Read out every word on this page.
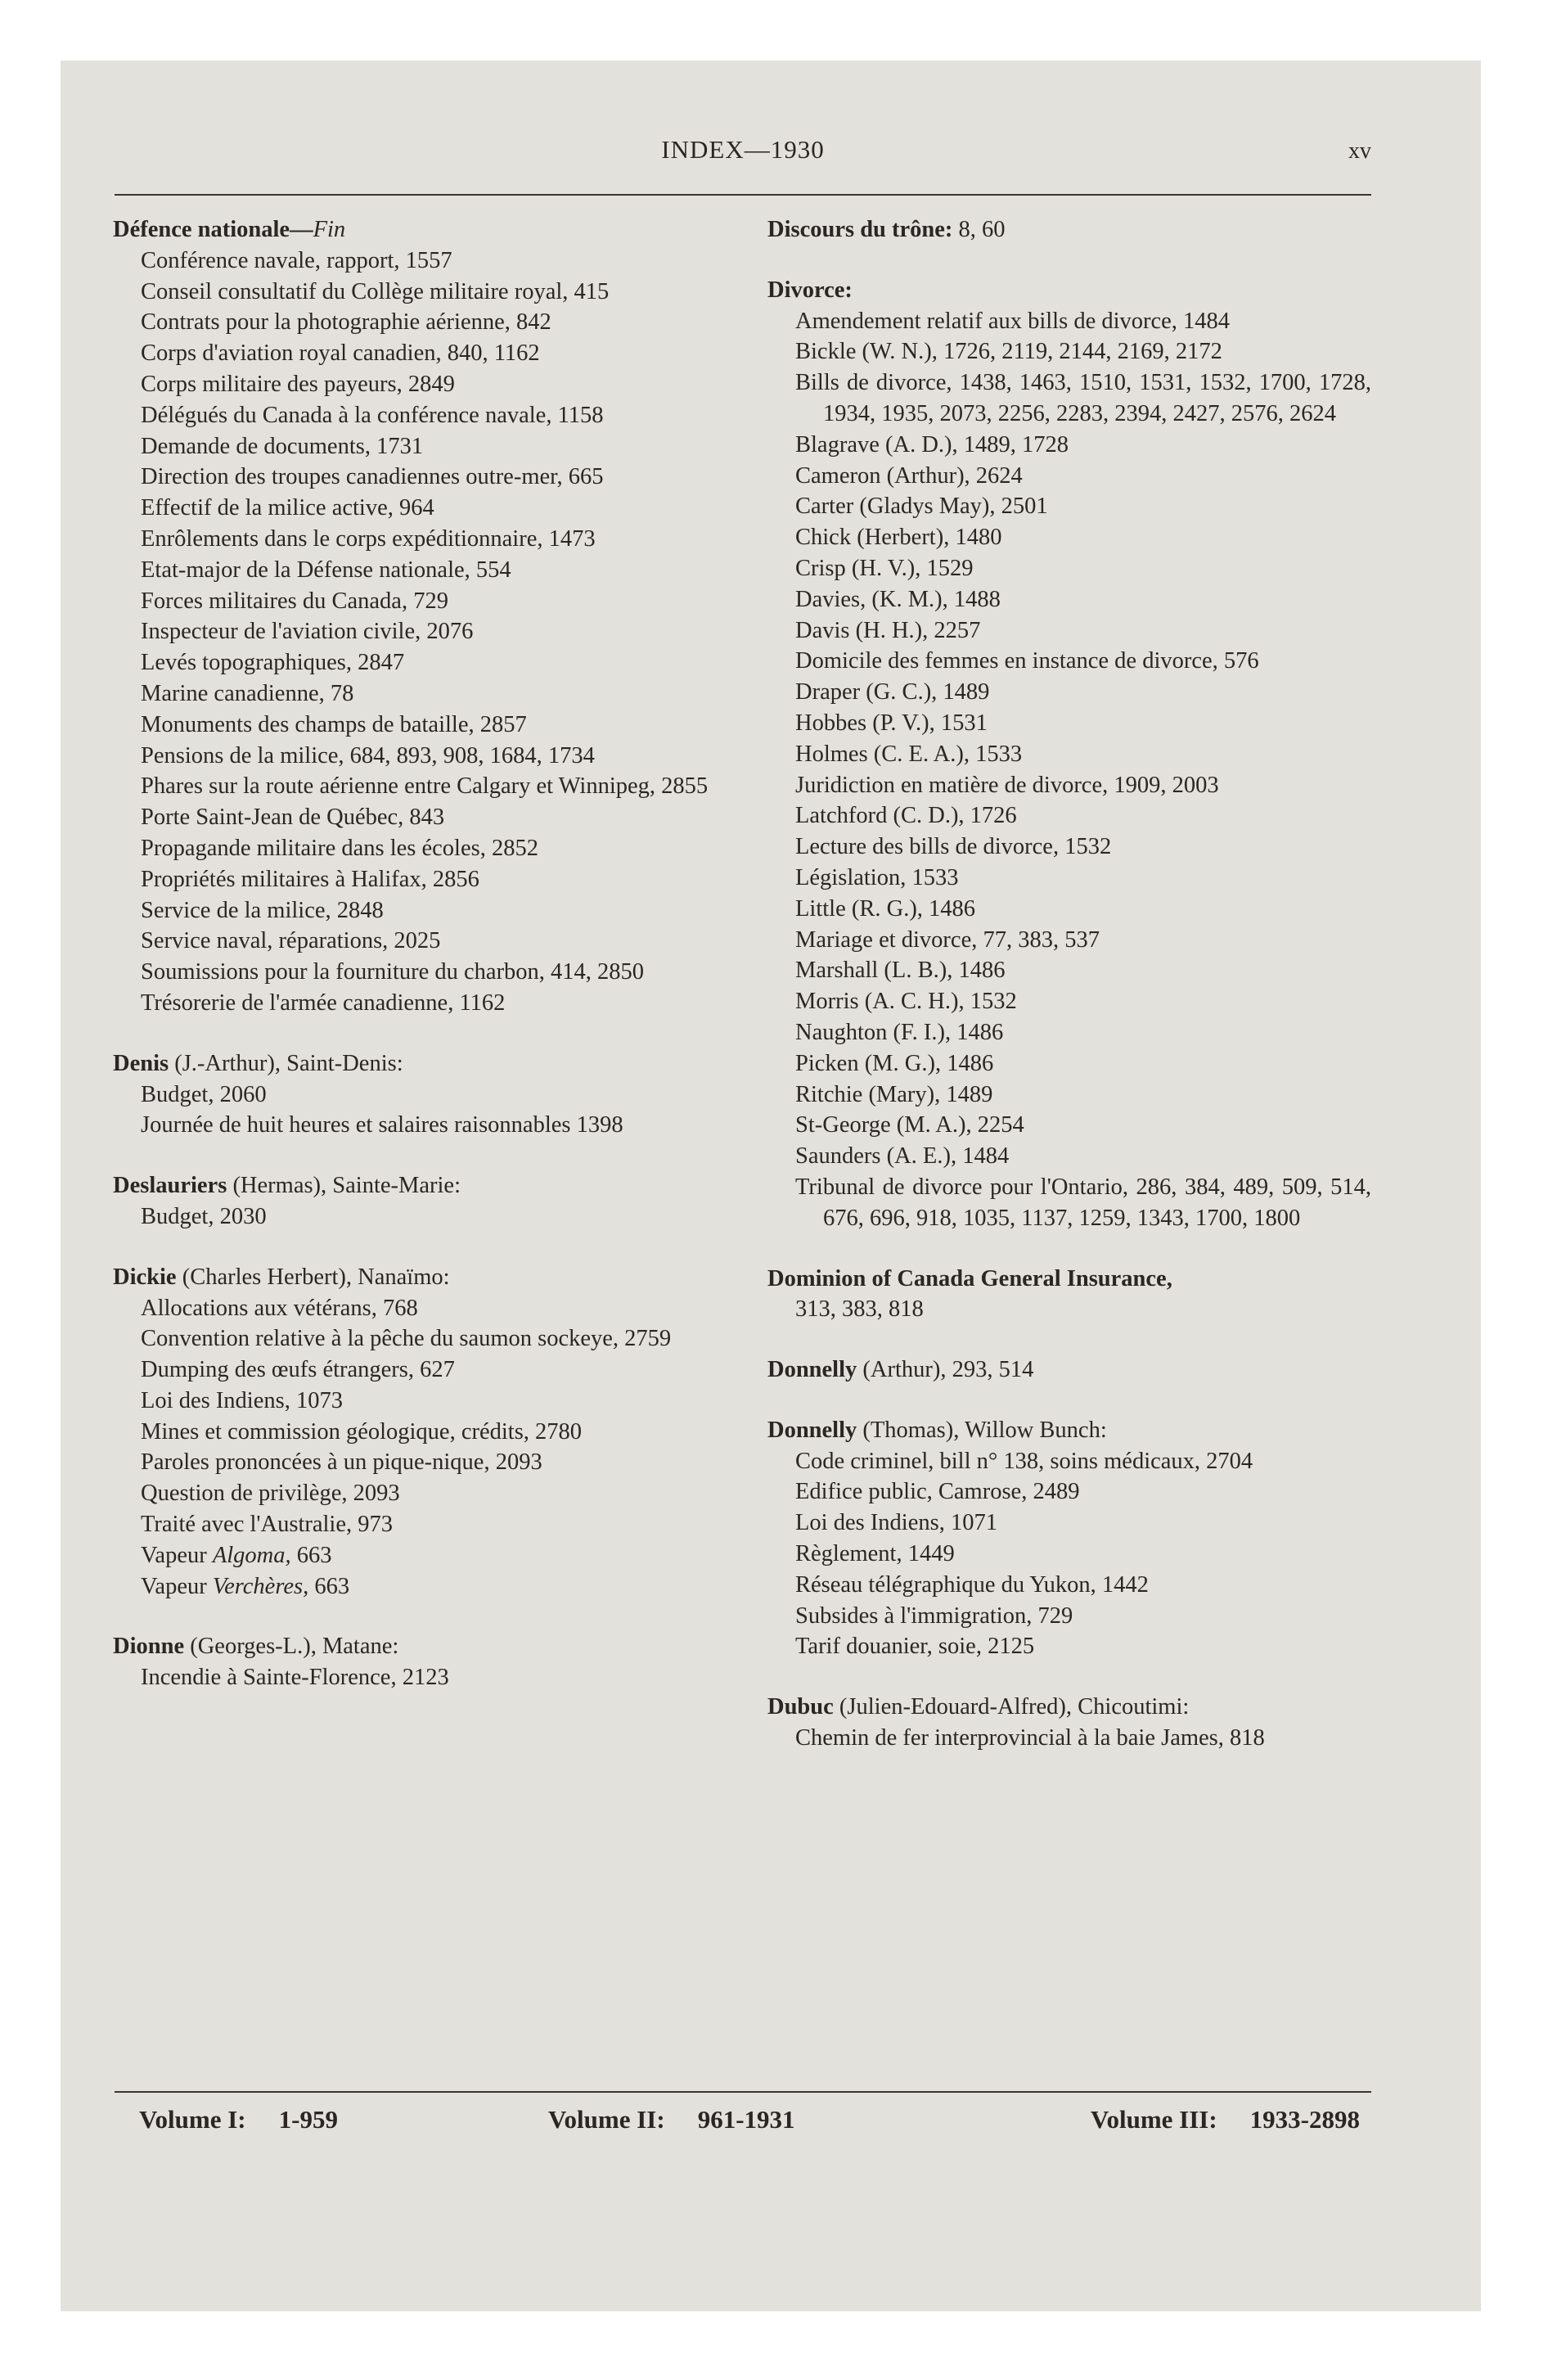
INDEX—1930	xv
Défence nationale—Fin
Conférence navale, rapport, 1557
Conseil consultatif du Collège militaire royal, 415
Contrats pour la photographie aérienne, 842
Corps d'aviation royal canadien, 840, 1162
Corps militaire des payeurs, 2849
Délégués du Canada à la conférence navale, 1158
Demande de documents, 1731
Direction des troupes canadiennes outre-mer, 665
Effectif de la milice active, 964
Enrôlements dans le corps expéditionnaire, 1473
Etat-major de la Défense nationale, 554
Forces militaires du Canada, 729
Inspecteur de l'aviation civile, 2076
Levés topographiques, 2847
Marine canadienne, 78
Monuments des champs de bataille, 2857
Pensions de la milice, 684, 893, 908, 1684, 1734
Phares sur la route aérienne entre Calgary et Winnipeg, 2855
Porte Saint-Jean de Québec, 843
Propagande militaire dans les écoles, 2852
Propriétés militaires à Halifax, 2856
Service de la milice, 2848
Service naval, réparations, 2025
Soumissions pour la fourniture du charbon, 414, 2850
Trésorerie de l'armée canadienne, 1162
Denis (J.-Arthur), Saint-Denis:
Budget, 2060
Journée de huit heures et salaires raisonnables 1398
Deslauriers (Hermas), Sainte-Marie:
Budget, 2030
Dickie (Charles Herbert), Nanaïmo:
Allocations aux vétérans, 768
Convention relative à la pêche du saumon sockeye, 2759
Dumping des œufs étrangers, 627
Loi des Indiens, 1073
Mines et commission géologique, crédits, 2780
Paroles prononcées à un pique-nique, 2093
Question de privilège, 2093
Traité avec l'Australie, 973
Vapeur Algoma, 663
Vapeur Verchères, 663
Dionne (Georges-L.), Matane:
Incendie à Sainte-Florence, 2123
Discours du trône: 8, 60
Divorce:
Amendement relatif aux bills de divorce, 1484
Bickle (W. N.), 1726, 2119, 2144, 2169, 2172
Bills de divorce, 1438, 1463, 1510, 1531, 1532, 1700, 1728, 1934, 1935, 2073, 2256, 2283, 2394, 2427, 2576, 2624
Blagrave (A. D.), 1489, 1728
Cameron (Arthur), 2624
Carter (Gladys May), 2501
Chick (Herbert), 1480
Crisp (H. V.), 1529
Davies, (K. M.), 1488
Davis (H. H.), 2257
Domicile des femmes en instance de divorce, 576
Draper (G. C.), 1489
Hobbes (P. V.), 1531
Holmes (C. E. A.), 1533
Juridiction en matière de divorce, 1909, 2003
Latchford (C. D.), 1726
Lecture des bills de divorce, 1532
Législation, 1533
Little (R. G.), 1486
Mariage et divorce, 77, 383, 537
Marshall (L. B.), 1486
Morris (A. C. H.), 1532
Naughton (F. I.), 1486
Picken (M. G.), 1486
Ritchie (Mary), 1489
St-George (M. A.), 2254
Saunders (A. E.), 1484
Tribunal de divorce pour l'Ontario, 286, 384, 489, 509, 514, 676, 696, 918, 1035, 1137, 1259, 1343, 1700, 1800
Dominion of Canada General Insurance,
313, 383, 818
Donnelly (Arthur), 293, 514
Donnelly (Thomas), Willow Bunch:
Code criminel, bill n° 138, soins médicaux, 2704
Edifice public, Camrose, 2489
Loi des Indiens, 1071
Règlement, 1449
Réseau télégraphique du Yukon, 1442
Subsides à l'immigration, 729
Tarif douanier, soie, 2125
Dubuc (Julien-Edouard-Alfred), Chicoutimi:
Chemin de fer interprovincial à la baie James, 818
Volume I: 1-959	Volume II: 961-1931	Volume III: 1933-2898
